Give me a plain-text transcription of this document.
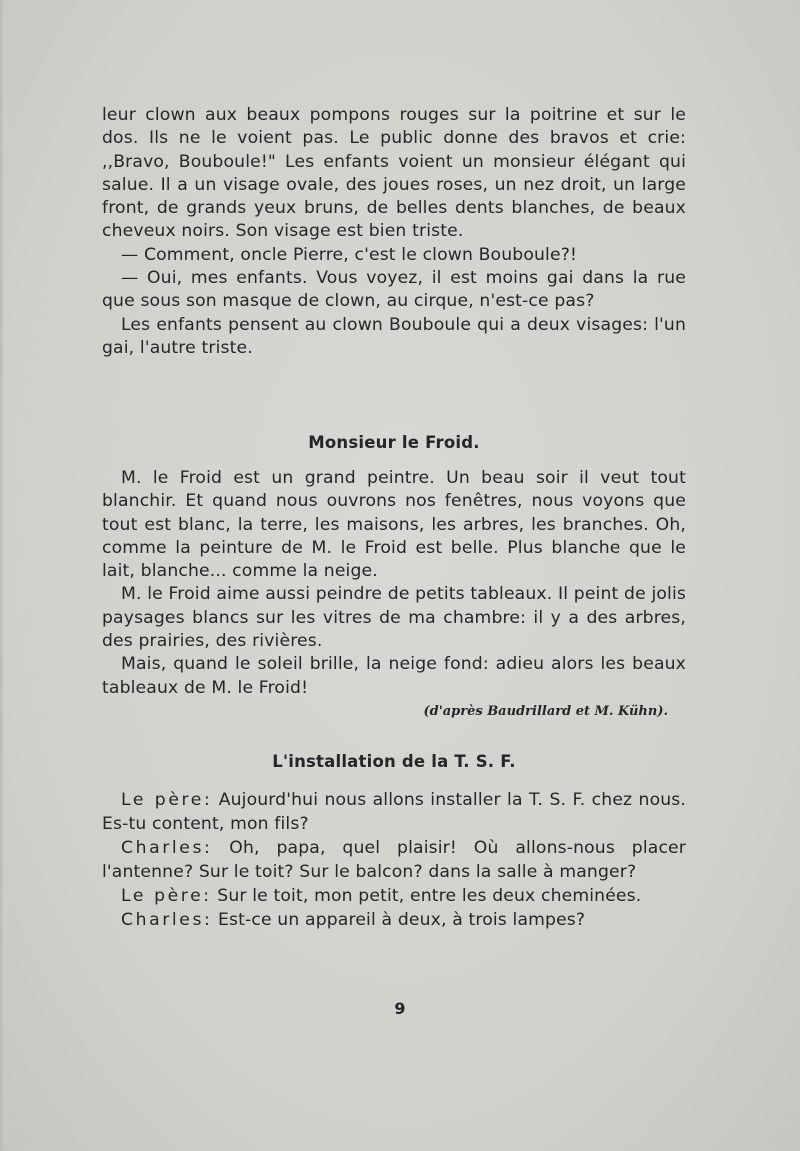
leur clown aux beaux pompons rouges sur la poitrine et sur le dos. Ils ne le voient pas. Le public donne des bravos et crie: ,,Bravo, Bouboule!" Les enfants voient un monsieur élégant qui salue. Il a un visage ovale, des joues roses, un nez droit, un large front, de grands yeux bruns, de belles dents blanches, de beaux cheveux noirs. Son visage est bien triste.

— Comment, oncle Pierre, c'est le clown Bouboule?!

— Oui, mes enfants. Vous voyez, il est moins gai dans la rue que sous son masque de clown, au cirque, n'est-ce pas?

Les enfants pensent au clown Bouboule qui a deux visages: l'un gai, l'autre triste.

Monsieur le Froid.

M. le Froid est un grand peintre. Un beau soir il veut tout blanchir. Et quand nous ouvrons nos fenêtres, nous voyons que tout est blanc, la terre, les maisons, les arbres, les branches. Oh, comme la peinture de M. le Froid est belle. Plus blanche que le lait, blanche... comme la neige.

M. le Froid aime aussi peindre de petits tableaux. Il peint de jolis paysages blancs sur les vitres de ma chambre: il y a des arbres, des prairies, des rivières.

Mais, quand le soleil brille, la neige fond: adieu alors les beaux tableaux de M. le Froid!

(d'après Baudrillard et M. Kühn).
L'installation de la T. S. F.

Le père: Aujourd'hui nous allons installer la T. S. F. chez nous. Es-tu content, mon fils?

Charles: Oh, papa, quel plaisir! Où allons-nous placer l'antenne? Sur le toit? Sur le balcon? dans la salle à manger?

Le père: Sur le toit, mon petit, entre les deux cheminées.

Charles: Est-ce un appareil à deux, à trois lampes?

9
